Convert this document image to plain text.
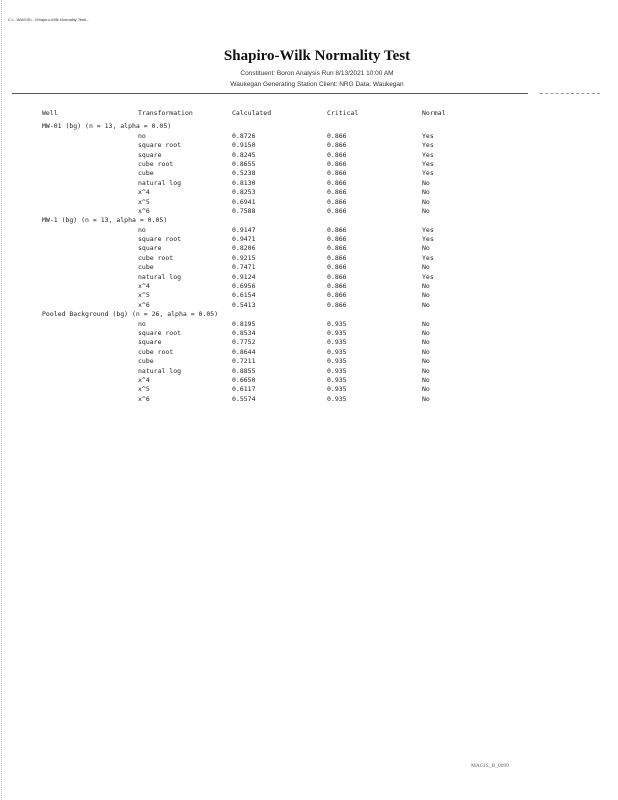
C:\...\MAGIS\...\Shapiro-Wilk Normality Test\...
Shapiro-Wilk Normality Test
Constituent: Boron Analysis Run 8/13/2021 10:00 AM
Waukegan Generating Station Client: NRG Data: Waukegan
Well	Transformation	Calculated	Critical	Normal
MW-01 (bg) (n = 13, alpha = 0.05)
no	0.8726	0.866	Yes
square root	0.9150	0.866	Yes
square	0.8245	0.866	Yes
cube root	0.8655	0.866	Yes
cube	0.5238	0.866	Yes
natural log	0.8130	0.866	No
x^4	0.8253	0.866	No
x^5	0.6941	0.866	No
x^6	0.7588	0.866	No
MW-1 (bg) (n = 13, alpha = 0.05)
no	0.9147	0.866	Yes
square root	0.9471	0.866	Yes
square	0.8206	0.866	No
cube root	0.9215	0.866	Yes
cube	0.7471	0.866	No
natural log	0.9124	0.866	Yes
x^4	0.6956	0.866	No
x^5	0.6154	0.866	No
x^6	0.5413	0.866	No
Pooled Background (bg) (n = 26, alpha = 0.05)
no	0.8195	0.935	No
square root	0.8534	0.935	No
square	0.7752	0.935	No
cube root	0.8644	0.935	No
cube	0.7211	0.935	No
natural log	0.8855	0.935	No
x^4	0.6650	0.935	No
x^5	0.6117	0.935	No
x^6	0.5574	0.935	No
MAGIS_B_0099
